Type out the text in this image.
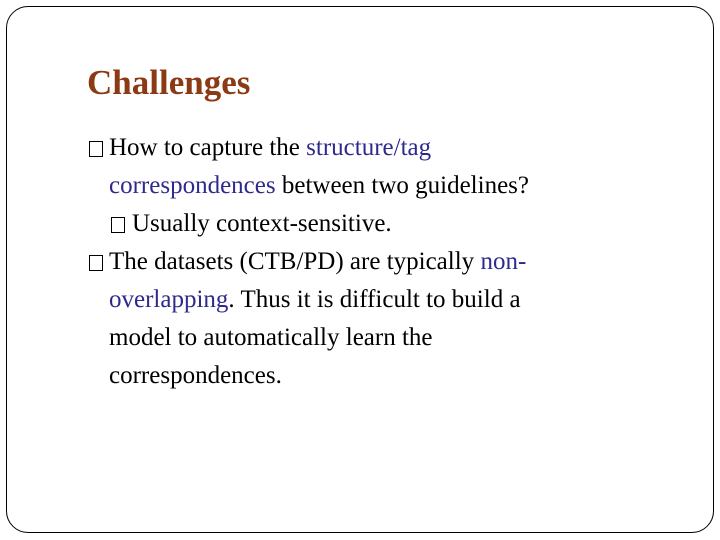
Challenges
How to capture the structure/tag
correspondences between two guidelines?
Usually context-sensitive.
The datasets (CTB/PD) are typically non-
overlapping. Thus it is difficult to build a
model to automatically learn the
correspondences.
